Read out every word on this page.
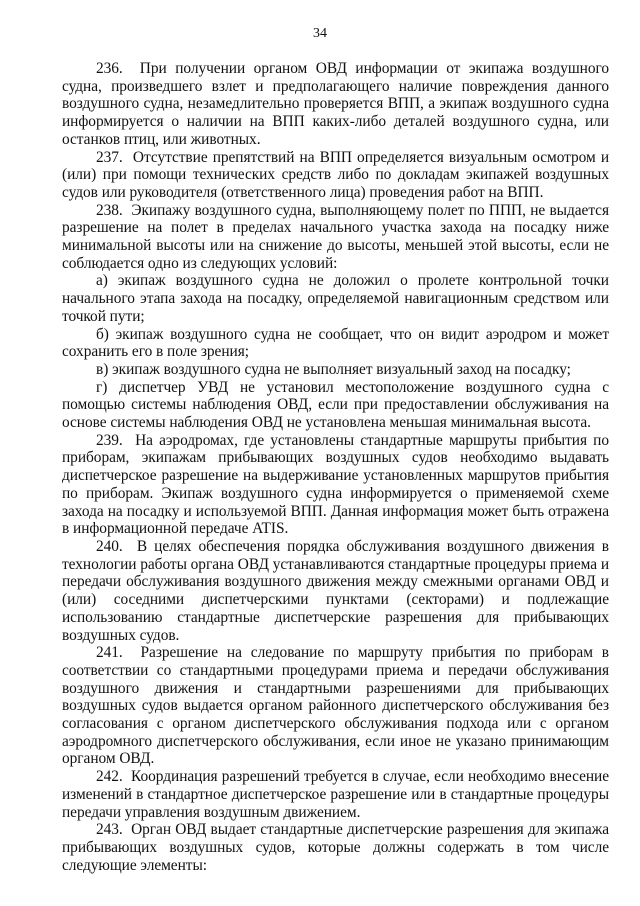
34

236.  При получении органом ОВД информации от экипажа воздушного судна, произведшего взлет и предполагающего наличие повреждения данного воздушного судна, незамедлительно проверяется ВПП, а экипаж воздушного судна информируется о наличии на ВПП каких-либо деталей воздушного судна, или останков птиц, или животных.

237.  Отсутствие препятствий на ВПП определяется визуальным осмотром и (или) при помощи технических средств либо по докладам экипажей воздушных судов или руководителя (ответственного лица) проведения работ на ВПП.

238.  Экипажу воздушного судна, выполняющему полет по ППП, не выдается разрешение на полет в пределах начального участка захода на посадку ниже минимальной высоты или на снижение до высоты, меньшей этой высоты, если не соблюдается одно из следующих условий:

а) экипаж воздушного судна не доложил о пролете контрольной точки начального этапа захода на посадку, определяемой навигационным средством или точкой пути;

б) экипаж воздушного судна не сообщает, что он видит аэродром и может сохранить его в поле зрения;

в) экипаж воздушного судна не выполняет визуальный заход на посадку;

г) диспетчер УВД не установил местоположение воздушного судна с помощью системы наблюдения ОВД, если при предоставлении обслуживания на основе системы наблюдения ОВД не установлена меньшая минимальная высота.

239.  На аэродромах, где установлены стандартные маршруты прибытия по приборам, экипажам прибывающих воздушных судов необходимо выдавать диспетчерское разрешение на выдерживание установленных маршрутов прибытия по приборам. Экипаж воздушного судна информируется о применяемой схеме захода на посадку и используемой ВПП. Данная информация может быть отражена в информационной передаче ATIS.

240.  В целях обеспечения порядка обслуживания воздушного движения в технологии работы органа ОВД устанавливаются стандартные процедуры приема и передачи обслуживания воздушного движения между смежными органами ОВД и (или) соседними диспетчерскими пунктами (секторами) и подлежащие использованию стандартные диспетчерские разрешения для прибывающих воздушных судов.

241.  Разрешение на следование по маршруту прибытия по приборам в соответствии со стандартными процедурами приема и передачи обслуживания воздушного движения и стандартными разрешениями для прибывающих воздушных судов выдается органом районного диспетчерского обслуживания без согласования с органом диспетчерского обслуживания подхода или с органом аэродромного диспетчерского обслуживания, если иное не указано принимающим органом ОВД.

242.  Координация разрешений требуется в случае, если необходимо внесение изменений в стандартное диспетчерское разрешение или в стандартные процедуры передачи управления воздушным движением.

243.  Орган ОВД выдает стандартные диспетчерские разрешения для экипажа прибывающих воздушных судов, которые должны содержать в том числе следующие элементы:
